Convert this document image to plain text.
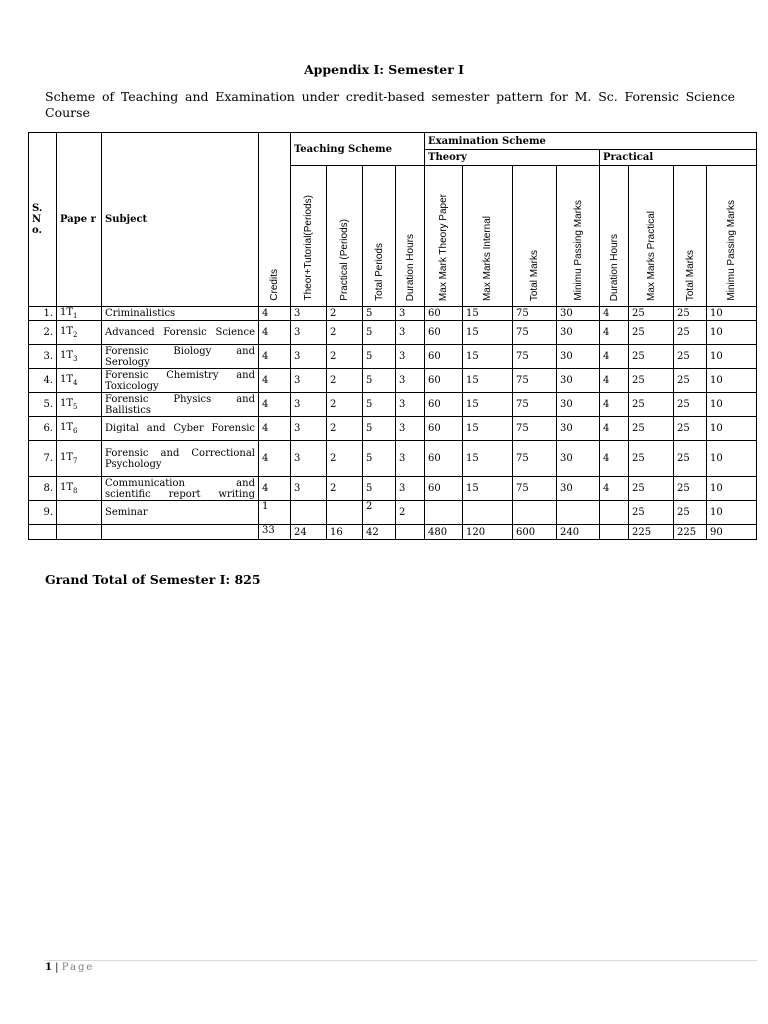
Appendix I: Semester I
Scheme of Teaching and Examination under credit-based semester pattern for M. Sc. Forensic Science Course
S. N o.	Pape r	Subject	Credits	Teaching Scheme				Examination Scheme							
								Theory				Practical			
				Theor+Tutorial(Periods)	Practical (Periods)	Total Periods	Duration Hours	Max Mark Theory Paper	Max Marks Internal	Total Marks	Minimu Passing Marks	Duration Hours	Max Marks Practical	Total Marks	Minimu Passing Marks
1.	$1T_1$	Criminalistics	4	3	2	5	3	60	15	75	30	4	25	25	10
2.	$1T_2$	Advanced Forensic Science	4	3	2	5	3	60	15	75	30	4	25	25	10
3.	$1T_3$	Forensic Biology and Serology	4	3	2	5	3	60	15	75	30	4	25	25	10
4.	$1T_4$	Forensic Chemistry and Toxicology	4	3	2	5	3	60	15	75	30	4	25	25	10
5.	$1T_5$	Forensic Physics and Ballistics	4	3	2	5	3	60	15	75	30	4	25	25	10
6.	$1T_6$	Digital and Cyber Forensic	4	3	2	5	3	60	15	75	30	4	25	25	10
7.	$1T_7$	Forensic and Correctional Psychology	4	3	2	5	3	60	15	75	30	4	25	25	10
8.	$1T_8$	Communication and scientific report writing	4	3	2	5	3	60	15	75	30	4	25	25	10
9.		Seminar	1			2	2						25	25	10
			33	24	16	42		480	120	600	240		225	225	90
Grand Total of Semester I: 825
1 | Page
